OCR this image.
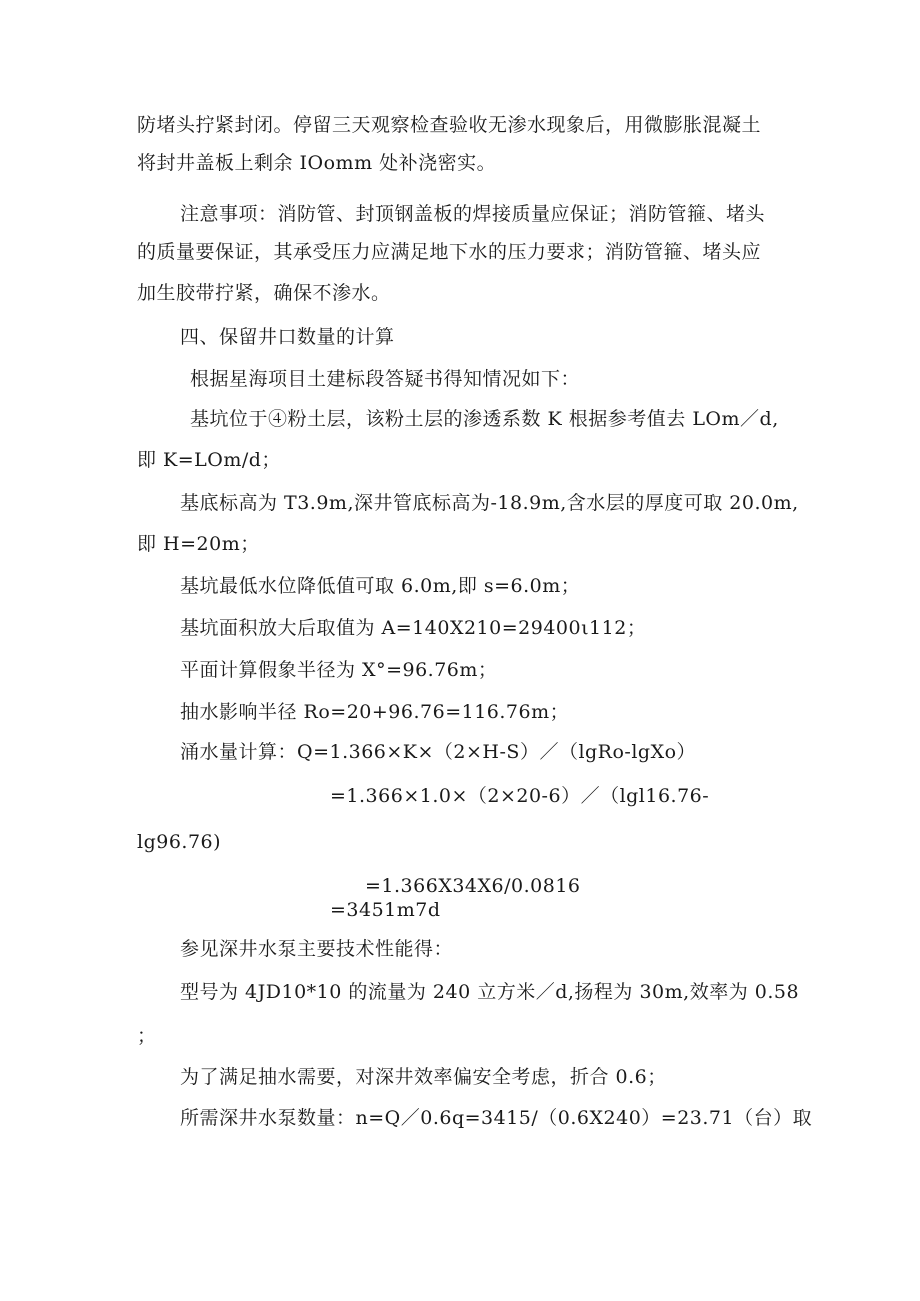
防堵头拧紧封闭。停留三天观察检查验收无渗水现象后，用微膨胀混凝土
将封井盖板上剩余 IOomm 处补浇密实。
注意事项：消防管、封顶钢盖板的焊接质量应保证；消防管箍、堵头
的质量要保证，其承受压力应满足地下水的压力要求；消防管箍、堵头应
加生胶带拧紧，确保不渗水。
四、保留井口数量的计算
根据星海项目土建标段答疑书得知情况如下：
基坑位于④粉土层，该粉土层的渗透系数 K 根据参考值去 LOm／d,
即 K=LOm/d；
基底标高为 T3.9m,深井管底标高为-18.9m,含水层的厚度可取 20.0m,
即 H=20m；
基坑最低水位降低值可取 6.0m,即 s=6.0m；
基坑面积放大后取值为 A=140X210=29400ι112；
平面计算假象半径为 X°=96.76m；
抽水影响半径 Ro=20+96.76=116.76m；
涌水量计算：Q=1.366×K×（2×H-S）／（lgRo-lgXo）
=1.366×1.0×（2×20-6）／（lgl16.76-
lg96.76)
=1.366X34X6/0.0816
=3451m7d
参见深井水泵主要技术性能得：
型号为 4JD10*10 的流量为 240 立方米／d,扬程为 30m,效率为 0.58
；
为了满足抽水需要，对深井效率偏安全考虑，折合 0.6；
所需深井水泵数量：n=Q／0.6q=3415/（0.6X240）=23.71（台）取
